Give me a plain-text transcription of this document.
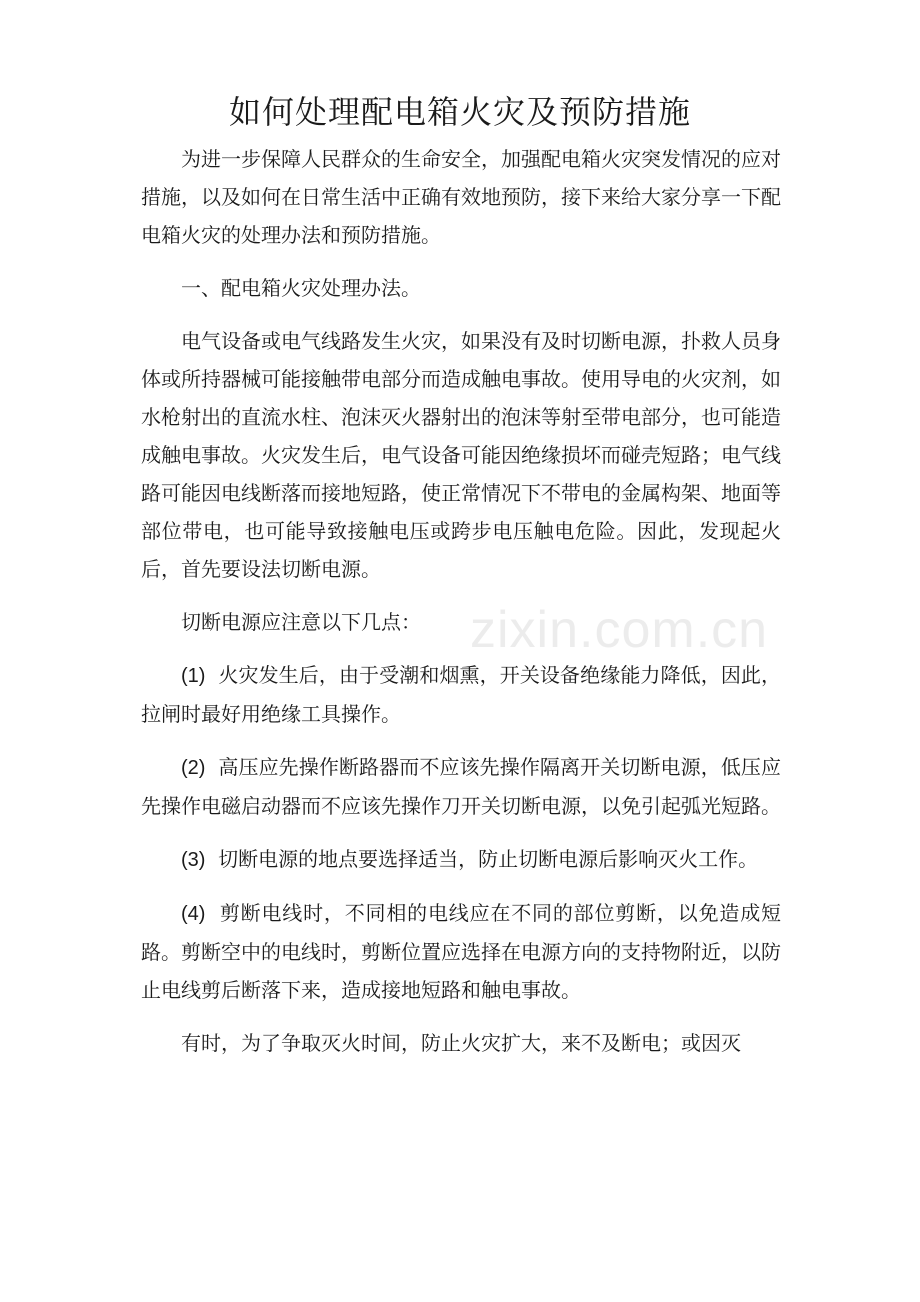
如何处理配电箱火灾及预防措施

为进一步保障人民群众的生命安全，加强配电箱火灾突发情况的应对措施，以及如何在日常生活中正确有效地预防，接下来给大家分享一下配电箱火灾的处理办法和预防措施。

一、配电箱火灾处理办法。

电气设备或电气线路发生火灾，如果没有及时切断电源，扑救人员身体或所持器械可能接触带电部分而造成触电事故。使用导电的火灾剂，如水枪射出的直流水柱、泡沫灭火器射出的泡沫等射至带电部分，也可能造成触电事故。火灾发生后，电气设备可能因绝缘损坏而碰壳短路；电气线路可能因电线断落而接地短路，使正常情况下不带电的金属构架、地面等部位带电，也可能导致接触电压或跨步电压触电危险。因此，发现起火后，首先要设法切断电源。

切断电源应注意以下几点：

(1) 火灾发生后，由于受潮和烟熏，开关设备绝缘能力降低，因此，拉闸时最好用绝缘工具操作。

(2) 高压应先操作断路器而不应该先操作隔离开关切断电源，低压应先操作电磁启动器而不应该先操作刀开关切断电源，以免引起弧光短路。

(3) 切断电源的地点要选择适当，防止切断电源后影响灭火工作。

(4) 剪断电线时，不同相的电线应在不同的部位剪断，以免造成短路。剪断空中的电线时，剪断位置应选择在电源方向的支持物附近，以防止电线剪后断落下来，造成接地短路和触电事故。

有时，为了争取灭火时间，防止火灾扩大，来不及断电；或因灭

zixin.com.cn
